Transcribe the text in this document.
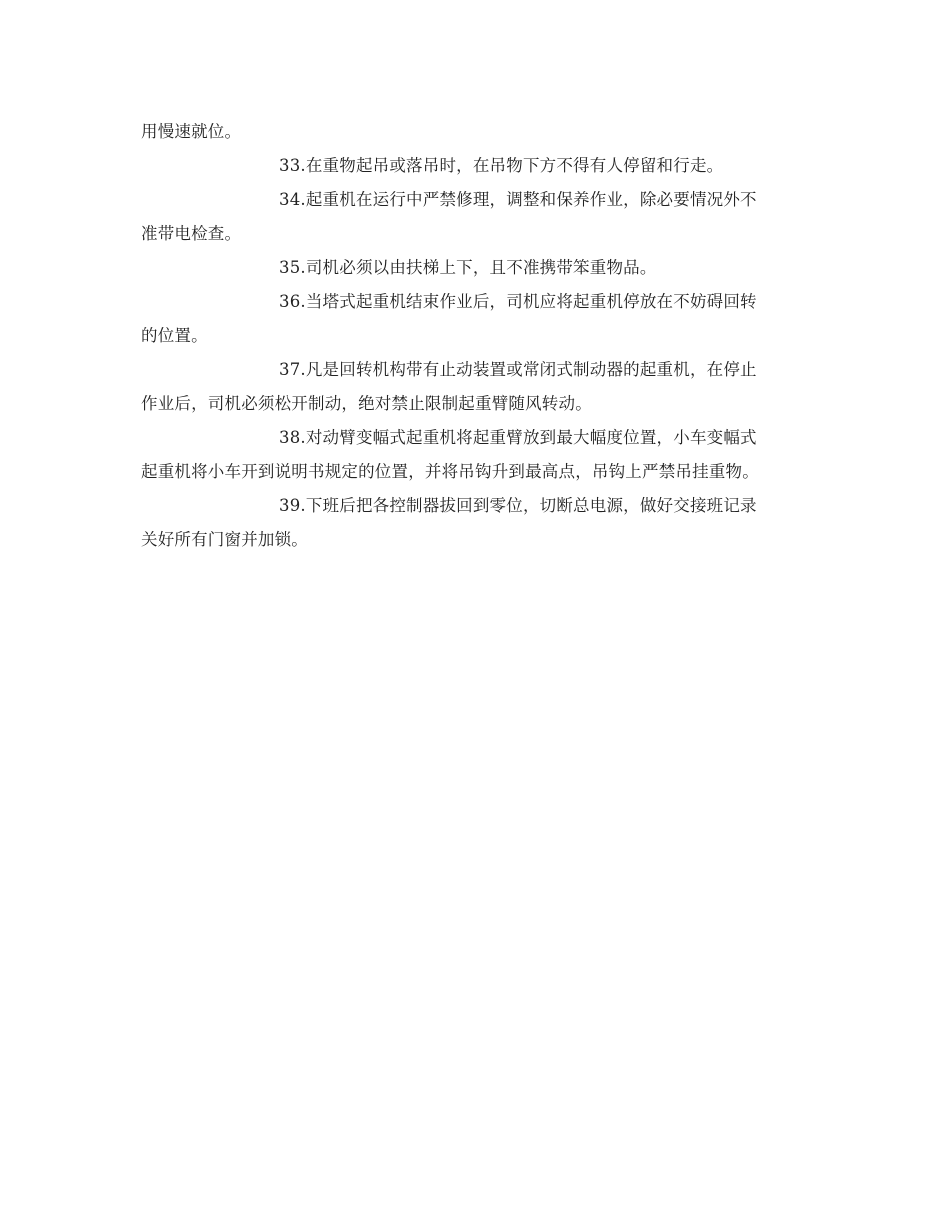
用慢速就位。
33.在重物起吊或落吊时，在吊物下方不得有人停留和行走。
34.起重机在运行中严禁修理，调整和保养作业，除必要情况外不
准带电检查。
35.司机必须以由扶梯上下，且不准携带笨重物品。
36.当塔式起重机结束作业后，司机应将起重机停放在不妨碍回转
的位置。
37.凡是回转机构带有止动装置或常闭式制动器的起重机，在停止
作业后，司机必须松开制动，绝对禁止限制起重臂随风转动。
38.对动臂变幅式起重机将起重臂放到最大幅度位置，小车变幅式
起重机将小车开到说明书规定的位置，并将吊钩升到最高点，吊钩上严禁吊挂重物。
39.下班后把各控制器拔回到零位，切断总电源，做好交接班记录
关好所有门窗并加锁。
